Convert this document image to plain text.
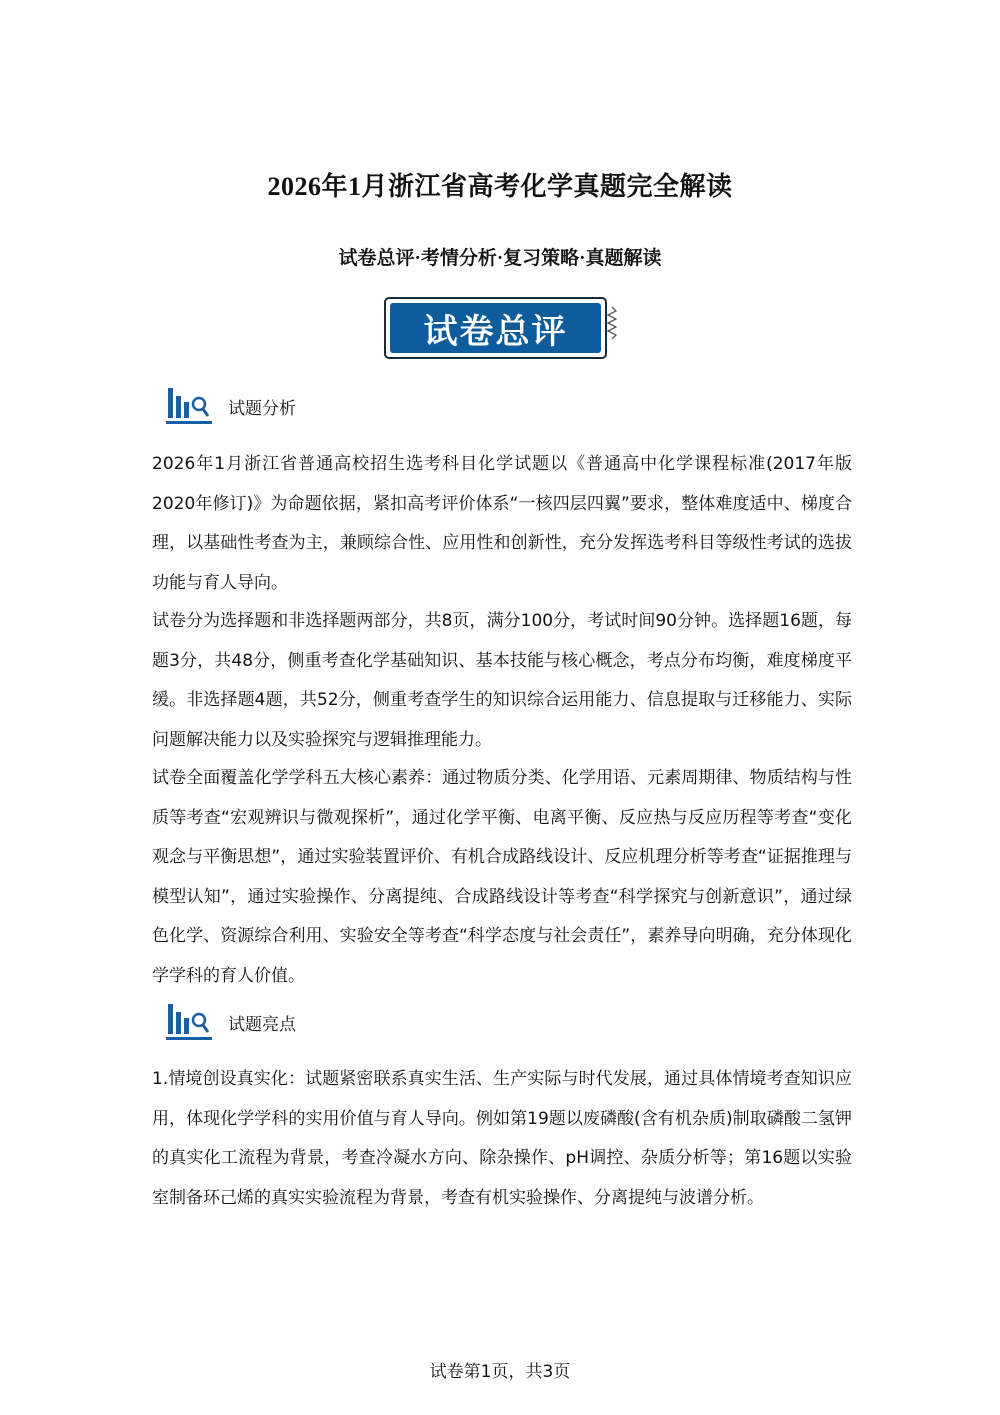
2026年1月浙江省高考化学真题完全解读
试卷总评·考情分析·复习策略·真题解读
试卷总评
试题分析
2026年1月浙江省普通高校招生选考科目化学试题以《普通高中化学课程标准(2017年版2020年修订)》为命题依据，紧扣高考评价体系“一核四层四翼”要求，整体难度适中、梯度合理，以基础性考查为主，兼顾综合性、应用性和创新性，充分发挥选考科目等级性考试的选拔功能与育人导向。
试卷分为选择题和非选择题两部分，共8页，满分100分，考试时间90分钟。选择题16题，每题3分，共48分，侧重考查化学基础知识、基本技能与核心概念，考点分布均衡，难度梯度平缓。非选择题4题，共52分，侧重考查学生的知识综合运用能力、信息提取与迁移能力、实际问题解决能力以及实验探究与逻辑推理能力。
试卷全面覆盖化学学科五大核心素养：通过物质分类、化学用语、元素周期律、物质结构与性质等考查“宏观辨识与微观探析”，通过化学平衡、电离平衡、反应热与反应历程等考查“变化观念与平衡思想”，通过实验装置评价、有机合成路线设计、反应机理分析等考查“证据推理与模型认知”，通过实验操作、分离提纯、合成路线设计等考查“科学探究与创新意识”，通过绿色化学、资源综合利用、实验安全等考查“科学态度与社会责任”，素养导向明确，充分体现化学学科的育人价值。
试题亮点
1.情境创设真实化：试题紧密联系真实生活、生产实际与时代发展，通过具体情境考查知识应用，体现化学学科的实用价值与育人导向。例如第19题以废磷酸(含有机杂质)制取磷酸二氢钾的真实化工流程为背景，考查冷凝水方向、除杂操作、pH调控、杂质分析等；第16题以实验室制备环己烯的真实实验流程为背景，考查有机实验操作、分离提纯与波谱分析。
试卷第1页，共3页
